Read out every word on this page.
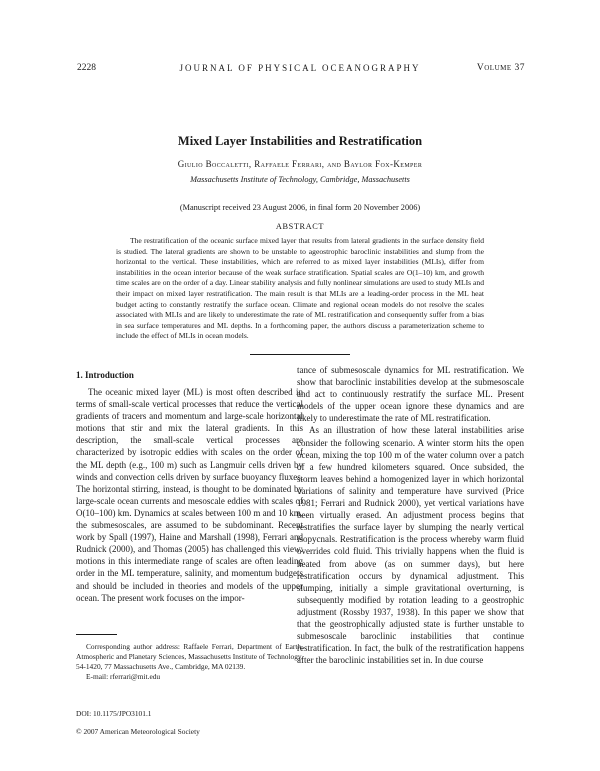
2228	JOURNAL OF PHYSICAL OCEANOGRAPHY	Volume 37
Mixed Layer Instabilities and Restratification
Giulio Boccaletti, Raffaele Ferrari, and Baylor Fox-Kemper
Massachusetts Institute of Technology, Cambridge, Massachusetts
(Manuscript received 23 August 2006, in final form 20 November 2006)
ABSTRACT
The restratification of the oceanic surface mixed layer that results from lateral gradients in the surface density field is studied. The lateral gradients are shown to be unstable to ageostrophic baroclinic instabilities and slump from the horizontal to the vertical. These instabilities, which are referred to as mixed layer instabilities (MLIs), differ from instabilities in the ocean interior because of the weak surface stratification. Spatial scales are O(1–10) km, and growth time scales are on the order of a day. Linear stability analysis and fully nonlinear simulations are used to study MLIs and their impact on mixed layer restratification. The main result is that MLIs are a leading-order process in the ML heat budget acting to constantly restratify the surface ocean. Climate and regional ocean models do not resolve the scales associated with MLIs and are likely to underestimate the rate of ML restratification and consequently suffer from a bias in sea surface temperatures and ML depths. In a forthcoming paper, the authors discuss a parameterization scheme to include the effect of MLIs in ocean models.
1. Introduction

The oceanic mixed layer (ML) is most often described in terms of small-scale vertical processes that reduce the vertical gradients of tracers and momentum and large-scale horizontal motions that stir and mix the lateral gradients. In this description, the small-scale vertical processes are characterized by isotropic eddies with scales on the order of the ML depth (e.g., 100 m) such as Langmuir cells driven by winds and convection cells driven by surface buoyancy fluxes. The horizontal stirring, instead, is thought to be dominated by large-scale ocean currents and mesoscale eddies with scales of O(10–100) km. Dynamics at scales between 100 m and 10 km, the submesoscales, are assumed to be subdominant. Recent work by Spall (1997), Haine and Marshall (1998), Ferrari and Rudnick (2000), and Thomas (2005) has challenged this view: motions in this intermediate range of scales are often leading order in the ML temperature, salinity, and momentum budgets and should be included in theories and models of the upper ocean. The present work focuses on the impor-

tance of submesoscale dynamics for ML restratification. We show that baroclinic instabilities develop at the submesoscale and act to continuously restratify the surface ML. Present models of the upper ocean ignore these dynamics and are likely to underestimate the rate of ML restratification.

As an illustration of how these lateral instabilities arise consider the following scenario. A winter storm hits the open ocean, mixing the top 100 m of the water column over a patch of a few hundred kilometers squared. Once subsided, the storm leaves behind a homogenized layer in which horizontal variations of salinity and temperature have survived (Price 1981; Ferrari and Rudnick 2000), yet vertical variations have been virtually erased. An adjustment process begins that restratifies the surface layer by slumping the nearly vertical isopycnals. Restratification is the process whereby warm fluid overrides cold fluid. This trivially happens when the fluid is heated from above (as on summer days), but here restratification occurs by dynamical adjustment. This slumping, initially a simple gravitational overturning, is subsequently modified by rotation leading to a geostrophic adjustment (Rossby 1937, 1938). In this paper we show that that the geostrophically adjusted state is further unstable to submesoscale baroclinic instabilities that continue restratification. In fact, the bulk of the restratification happens after the baroclinic instabilities set in. In due course

Corresponding author address: Raffaele Ferrari, Department of Earth, Atmospheric and Planetary Sciences, Massachusetts Institute of Technology, 54-1420, 77 Massachusetts Ave., Cambridge, MA 02139.

E-mail: rferrari@mit.edu

DOI: 10.1175/JPO3101.1
© 2007 American Meteorological Society
